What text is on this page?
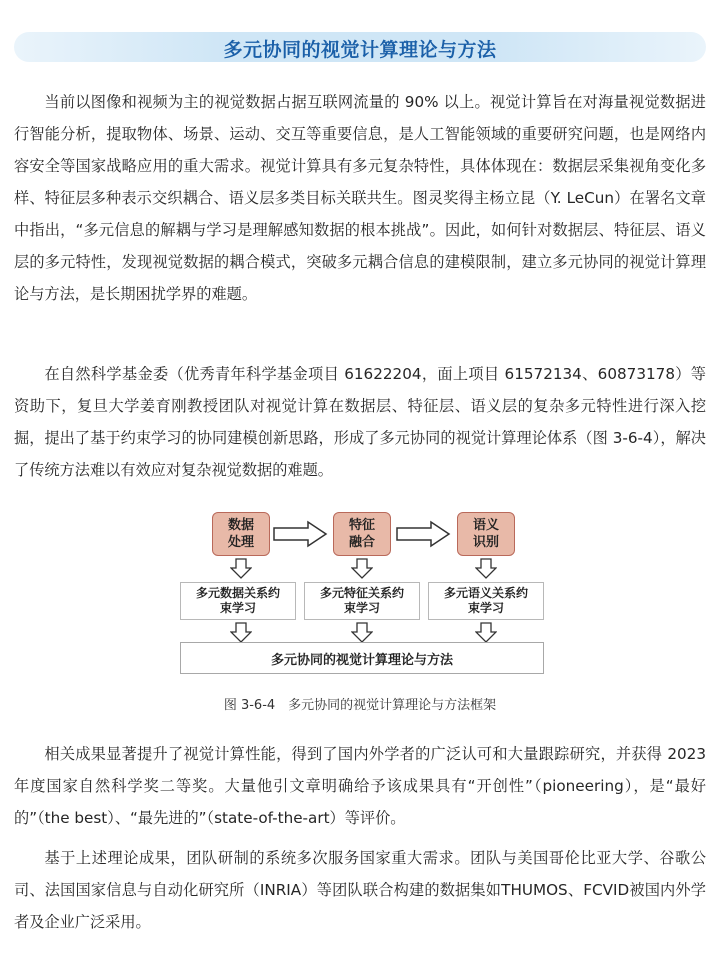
多元协同的视觉计算理论与方法

当前以图像和视频为主的视觉数据占据互联网流量的 90% 以上。视觉计算旨在对海量视觉数据进行智能分析，提取物体、场景、运动、交互等重要信息，是人工智能领域的重要研究问题，也是网络内容安全等国家战略应用的重大需求。视觉计算具有多元复杂特性，具体体现在：数据层采集视角变化多样、特征层多种表示交织耦合、语义层多类目标关联共生。图灵奖得主杨立昆（Y. LeCun）在署名文章中指出，“多元信息的解耦与学习是理解感知数据的根本挑战”。因此，如何针对数据层、特征层、语义层的多元特性，发现视觉数据的耦合模式，突破多元耦合信息的建模限制，建立多元协同的视觉计算理论与方法，是长期困扰学界的难题。

在自然科学基金委（优秀青年科学基金项目 61622204，面上项目 61572134、60873178）等资助下，复旦大学姜育刚教授团队对视觉计算在数据层、特征层、语义层的复杂多元特性进行深入挖掘，提出了基于约束学习的协同建模创新思路，形成了多元协同的视觉计算理论体系（图 3-6-4），解决了传统方法难以有效应对复杂视觉数据的难题。

数据处理
特征融合
语义识别
多元数据关系约束学习
多元特征关系约束学习
多元语义关系约束学习
多元协同的视觉计算理论与方法
图 3-6-4　多元协同的视觉计算理论与方法框架

相关成果显著提升了视觉计算性能，得到了国内外学者的广泛认可和大量跟踪研究，并获得 2023 年度国家自然科学奖二等奖。大量他引文章明确给予该成果具有“开创性”（pioneering），是“最好的”（the best）、“最先进的”（state-of-the-art）等评价。

基于上述理论成果，团队研制的系统多次服务国家重大需求。团队与美国哥伦比亚大学、谷歌公司、法国国家信息与自动化研究所（INRIA）等团队联合构建的数据集如THUMOS、FCVID被国内外学者及企业广泛采用。
